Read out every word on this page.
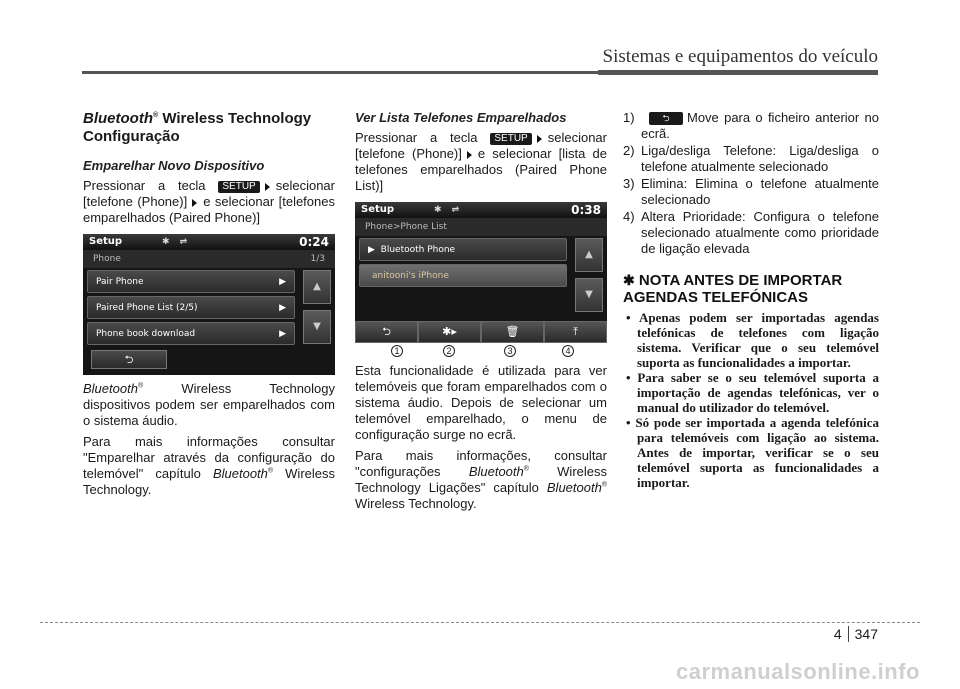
Sistemas e equipamentos do veículo
Bluetooth® Wireless Technology Configuração
Emparelhar Novo Dispositivo

Pressionar a tecla SETUP selecionar [telefone (Phone)] e selecionar [telefones emparelhados (Paired Phone)]

Setup	✱⇌	0:24
Phone	1/3
Pair Phone	▶
Paired Phone List (2/5)	▶
Phone book download	▶
▲
▼
⮌

Bluetooth® Wireless Technology dispositivos podem ser emparelhados com o sistema áudio.

Para mais informações consultar "Emparelhar através da configuração do telemóvel" capítulo Bluetooth® Wireless Technology.

Ver Lista Telefones Emparelhados

Pressionar a tecla SETUP selecionar [telefone (Phone)] e selecionar [lista de telefones emparelhados (Paired Phone List)]

Setup	✱⇌	0:38
Phone>Phone List
▶ Bluetooth Phone
anitooni's iPhone
▲
▼
⮌	✱▸	🗑	⤒
1	2	3	4

Esta funcionalidade é utilizada para ver telemóveis que foram emparelhados com o sistema áudio. Depois de selecionar um telemóvel emparelhado, o menu de configuração surge no ecrã.

Para mais informações, consultar "configurações Bluetooth® Wireless Technology Ligações" capítulo Bluetooth® Wireless Technology.

1)	⮌ Move para o ficheiro anterior no ecrã.
2) Liga/desliga Telefone: Liga/desliga o telefone atualmente selecionado
3) Elimina: Elimina o telefone atualmente selecionado
4) Altera Prioridade: Configura o telefone selecionado atualmente como prioridade de ligação elevada
✱ NOTA ANTES DE IMPORTAR AGENDAS TELEFÓNICAS
• Apenas podem ser importadas agendas telefónicas de telefones com ligação sistema. Verificar que o seu telemóvel suporta as funcionalidades a importar.
• Para saber se o seu telemóvel suporta a importação de agendas telefónicas, ver o manual do utilizador do telemóvel.
• Só pode ser importada a agenda telefónica para telemóveis com ligação ao sistema. Antes de importar, verificar se o seu telemóvel suporta as funcionalidades a importar.
4 347
carmanualsonline.info
